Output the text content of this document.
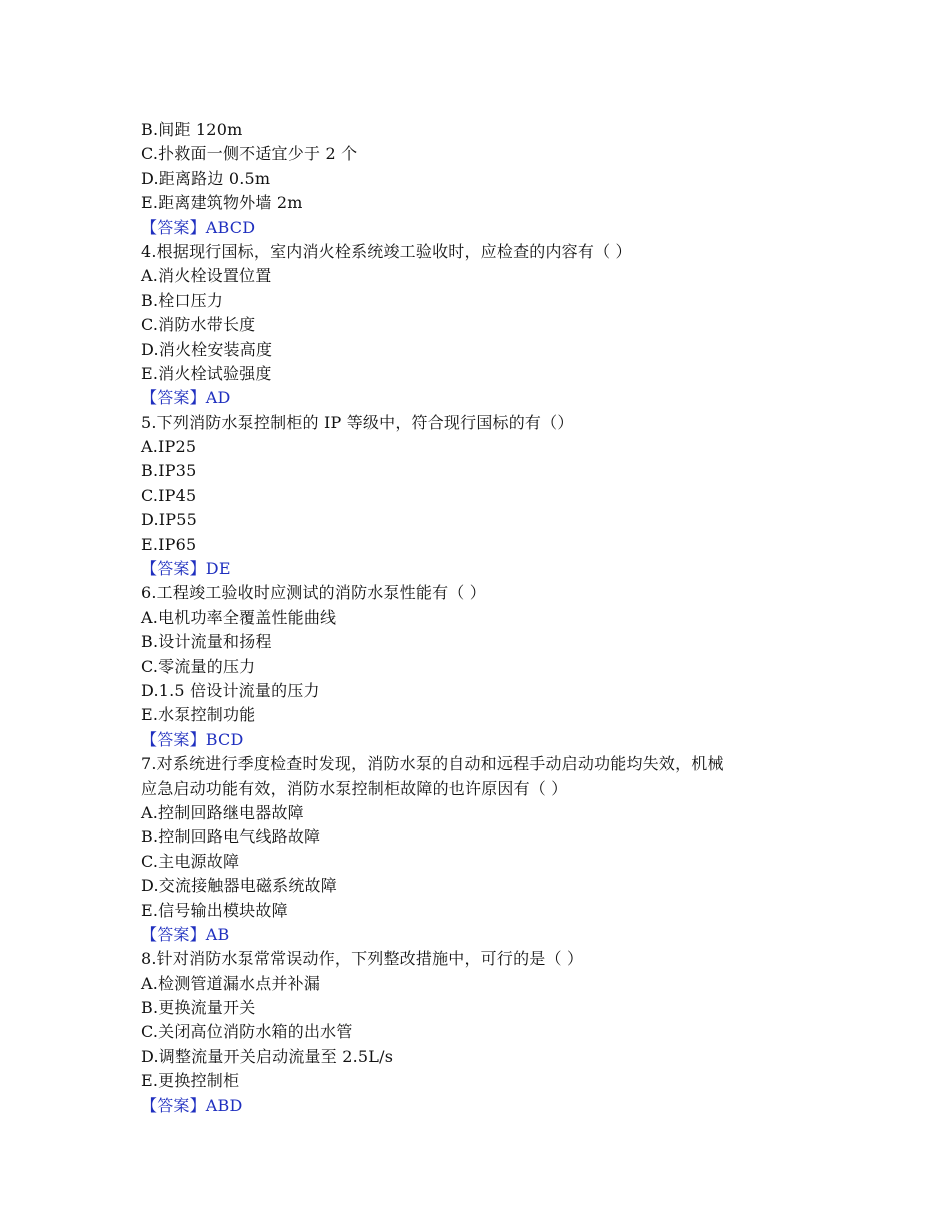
B.间距 120m
C.扑救面一侧不适宜少于 2 个
D.距离路边 0.5m
E.距离建筑物外墙 2m
【答案】ABCD
4.根据现行国标，室内消火栓系统竣工验收时，应检查的内容有（ ）
A.消火栓设置位置
B.栓口压力
C.消防水带长度
D.消火栓安装高度
E.消火栓试验强度
【答案】AD
5.下列消防水泵控制柜的 IP 等级中，符合现行国标的有（）
A.IP25
B.IP35
C.IP45
D.IP55
E.IP65
【答案】DE
6.工程竣工验收时应测试的消防水泵性能有（ ）
A.电机功率全覆盖性能曲线
B.设计流量和扬程
C.零流量的压力
D.1.5 倍设计流量的压力
E.水泵控制功能
【答案】BCD
7.对系统进行季度检查时发现，消防水泵的自动和远程手动启动功能均失效，机械
应急启动功能有效，消防水泵控制柜故障的也许原因有（ ）
A.控制回路继电器故障
B.控制回路电气线路故障
C.主电源故障
D.交流接触器电磁系统故障
E.信号输出模块故障
【答案】AB
8.针对消防水泵常常误动作，下列整改措施中，可行的是（ ）
A.检测管道漏水点并补漏
B.更换流量开关
C.关闭高位消防水箱的出水管
D.调整流量开关启动流量至 2.5L/s
E.更换控制柜
【答案】ABD
